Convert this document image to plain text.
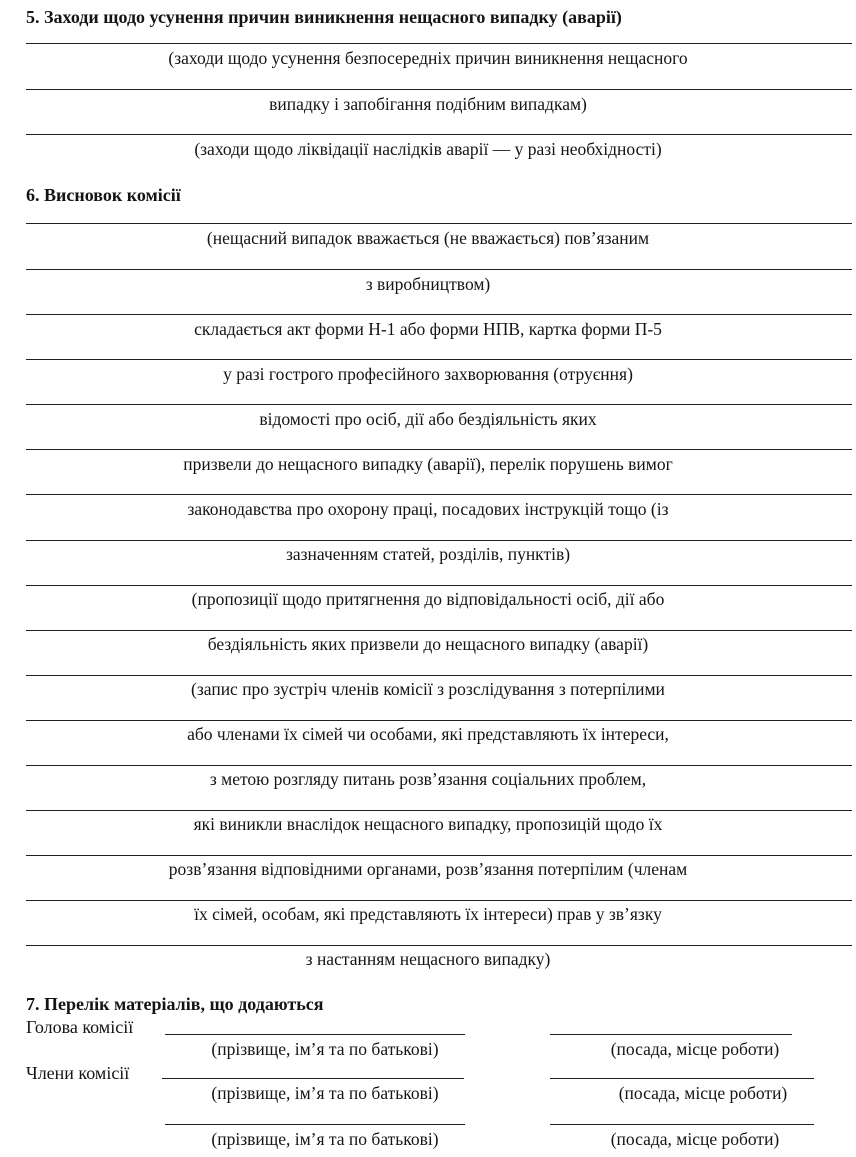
5. Заходи щодо усунення причин виникнення нещасного випадку (аварії)
(заходи щодо усунення безпосередніх причин виникнення нещасного
випадку і запобігання подібним випадкам)
(заходи щодо ліквідації наслідків аварії — у разі необхідності)
6. Висновок комісії
(нещасний випадок вважається (не вважається) пов’язаним
з виробництвом)
складається акт форми Н-1 або форми НПВ, картка форми П-5
у разі гострого професійного захворювання (отруєння)
відомості про осіб, дії або бездіяльність яких
призвели до нещасного випадку (аварії), перелік порушень вимог
законодавства про охорону праці, посадових інструкцій тощо (із
зазначенням статей, розділів, пунктів)
(пропозиції щодо притягнення до відповідальності осіб, дії або
бездіяльність яких призвели до нещасного випадку (аварії)
(запис про зустріч членів комісії з розслідування з потерпілими
або членами їх сімей чи особами, які представляють їх інтереси,
з метою розгляду питань розв’язання соціальних проблем,
які виникли внаслідок нещасного випадку, пропозицій щодо їх
розв’язання відповідними органами, розв’язання потерпілим (членам
їх сімей, особам, які представляють їх інтереси) прав у зв’язку
з настанням нещасного випадку)
7. Перелік матеріалів, що додаються
Голова комісії
(прізвище, ім’я та по батькові)	(посада, місце роботи)
Члени комісії
(прізвище, ім’я та по батькові)	(посада, місце роботи)
(прізвище, ім’я та по батькові)	(посада, місце роботи)
